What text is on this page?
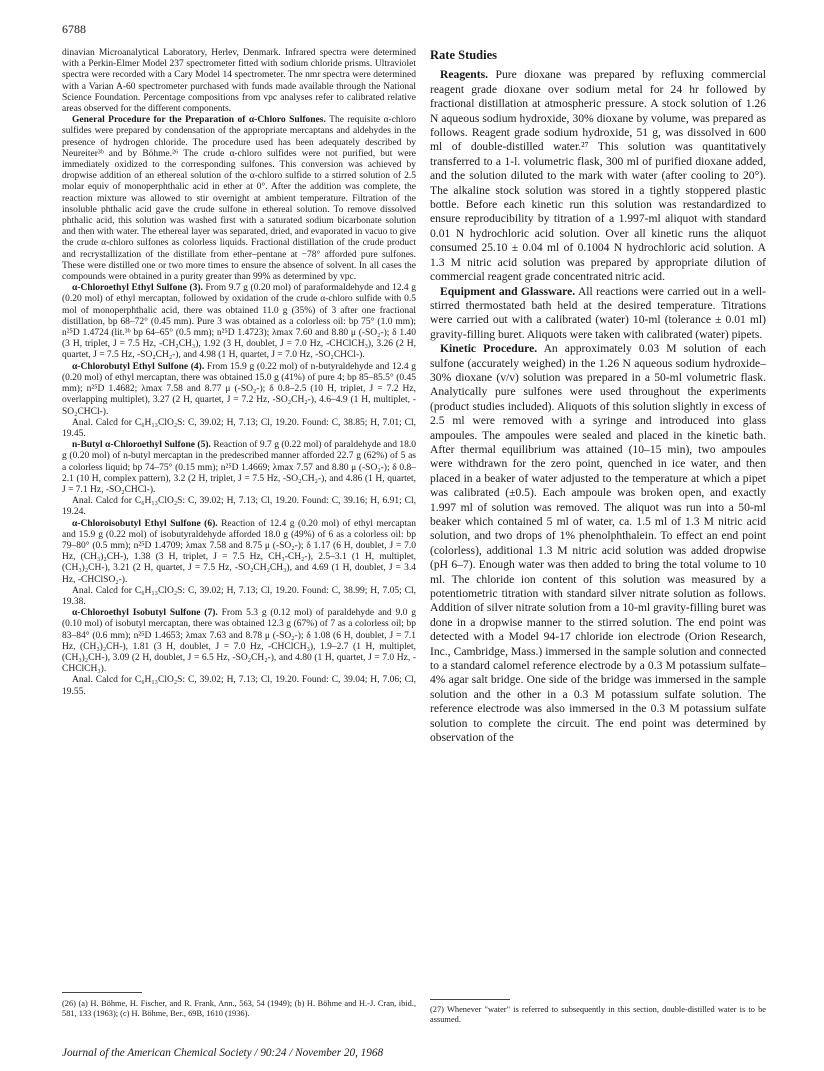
6788

dinavian Microanalytical Laboratory, Herlev, Denmark. Infrared spectra were determined with a Perkin-Elmer Model 237 spectrometer fitted with sodium chloride prisms. Ultraviolet spectra were recorded with a Cary Model 14 spectrometer. The nmr spectra were determined with a Varian A-60 spectrometer purchased with funds made available through the National Science Foundation. Percentage compositions from vpc analyses refer to calibrated relative areas observed for the different components.

General Procedure for the Preparation of α-Chloro Sulfones. The requisite α-chloro sulfides were prepared by condensation of the appropriate mercaptans and aldehydes in the presence of hydrogen chloride. The procedure used has been adequately described by Neureiter³ᵇ and by Böhme.²⁶ The crude α-chloro sulfides were not purified, but were immediately oxidized to the corresponding sulfones. This conversion was achieved by dropwise addition of an ethereal solution of the α-chloro sulfide to a stirred solution of 2.5 molar equiv of monoperphthalic acid in ether at 0°. After the addition was complete, the reaction mixture was allowed to stir overnight at ambient temperature. Filtration of the insoluble phthalic acid gave the crude sulfone in ethereal solution. To remove dissolved phthalic acid, this solution was washed first with a saturated sodium bicarbonate solution and then with water. The ethereal layer was separated, dried, and evaporated in vacuo to give the crude α-chloro sulfones as colorless liquids. Fractional distillation of the crude product and recrystallization of the distillate from ether–pentane at −78° afforded pure sulfones. These were distilled one or two more times to ensure the absence of solvent. In all cases the compounds were obtained in a purity greater than 99% as determined by vpc.

α-Chloroethyl Ethyl Sulfone (3). From 9.7 g (0.20 mol) of paraformaldehyde and 12.4 g (0.20 mol) of ethyl mercaptan, followed by oxidation of the crude α-chloro sulfide with 0.5 mol of monoperphthalic acid, there was obtained 11.0 g (35%) of 3 after one fractional distillation, bp 68–72° (0.45 mm). Pure 3 was obtained as a colorless oil: bp 75° (1.0 mm); n²⁵D 1.4724 (lit.³ᵇ bp 64–65° (0.5 mm); n²⁵D 1.4723); λmax 7.60 and 8.80 μ (-SO₂-); δ 1.40 (3 H, triplet, J = 7.5 Hz, -CH₂CH₃), 1.92 (3 H, doublet, J = 7.0 Hz, -CHClCH₃), 3.26 (2 H, quartet, J = 7.5 Hz, -SO₂CH₂-), and 4.98 (1 H, quartet, J = 7.0 Hz, -SO₂CHCl-).

α-Chlorobutyl Ethyl Sulfone (4). From 15.9 g (0.22 mol) of n-butyraldehyde and 12.4 g (0.20 mol) of ethyl mercaptan, there was obtained 15.0 g (41%) of pure 4; bp 85–85.5° (0.45 mm); n²⁵D 1.4682; λmax 7.58 and 8.77 μ (-SO₂-); δ 0.8–2.5 (10 H, triplet, J = 7.2 Hz, overlapping multiplet), 3.27 (2 H, quartet, J = 7.2 Hz, -SO₂CH₂-), 4.6–4.9 (1 H, multiplet, -SO₂CHCl-).

Anal. Calcd for C₆H₁₃ClO₂S: C, 39.02; H, 7.13; Cl, 19.20. Found: C, 38.85; H, 7.01; Cl, 19.45.

n-Butyl α-Chloroethyl Sulfone (5). Reaction of 9.7 g (0.22 mol) of paraldehyde and 18.0 g (0.20 mol) of n-butyl mercaptan in the predescribed manner afforded 22.7 g (62%) of 5 as a colorless liquid; bp 74–75° (0.15 mm); n²⁵D 1.4669; λmax 7.57 and 8.80 μ (-SO₂-); δ 0.8–2.1 (10 H, complex pattern), 3.2 (2 H, triplet, J = 7.5 Hz, -SO₂CH₂-), and 4.86 (1 H, quartet, J = 7.1 Hz, -SO₂CHCl-).

Anal. Calcd for C₆H₁₃ClO₂S: C, 39.02; H, 7.13; Cl, 19.20. Found: C, 39.16; H, 6.91; Cl, 19.24.

α-Chloroisobutyl Ethyl Sulfone (6). Reaction of 12.4 g (0.20 mol) of ethyl mercaptan and 15.9 g (0.22 mol) of isobutyraldehyde afforded 18.0 g (49%) of 6 as a colorless oil: bp 79–80° (0.5 mm); n²⁵D 1.4709; λmax 7.58 and 8.75 μ (-SO₂-); δ 1.17 (6 H, doublet, J = 7.0 Hz, (CH₃)₂CH-), 1.38 (3 H, triplet, J = 7.5 Hz, CH₃-CH₂-), 2.5–3.1 (1 H, multiplet, (CH₃)₂CH-), 3.21 (2 H, quartet, J = 7.5 Hz, -SO₂CH₂CH₃), and 4.69 (1 H, doublet, J = 3.4 Hz, -CHClSO₂-).

Anal. Calcd for C₆H₁₃ClO₂S: C, 39.02; H, 7.13; Cl, 19.20. Found: C, 38.99; H, 7.05; Cl, 19.38.

α-Chloroethyl Isobutyl Sulfone (7). From 5.3 g (0.12 mol) of paraldehyde and 9.0 g (0.10 mol) of isobutyl mercaptan, there was obtained 12.3 g (67%) of 7 as a colorless oil; bp 83–84° (0.6 mm); n²⁵D 1.4653; λmax 7.63 and 8.78 μ (-SO₂-); δ 1.08 (6 H, doublet, J = 7.1 Hz, (CH₃)₂CH-), 1.81 (3 H, doublet, J = 7.0 Hz, -CHClCH₃), 1.9–2.7 (1 H, multiplet, (CH₃)₂CH-), 3.09 (2 H, doublet, J = 6.5 Hz, -SO₂CH₂-), and 4.80 (1 H, quartet, J = 7.0 Hz, -CHClCH₃).

Anal. Calcd for C₆H₁₃ClO₂S: C, 39.02; H, 7.13; Cl, 19.20. Found: C, 39.04; H, 7.06; Cl, 19.55.

Rate Studies

Reagents. Pure dioxane was prepared by refluxing commercial reagent grade dioxane over sodium metal for 24 hr followed by fractional distillation at atmospheric pressure. A stock solution of 1.26 N aqueous sodium hydroxide, 30% dioxane by volume, was prepared as follows. Reagent grade sodium hydroxide, 51 g, was dissolved in 600 ml of double-distilled water.²⁷ This solution was quantitatively transferred to a 1-l. volumetric flask, 300 ml of purified dioxane added, and the solution diluted to the mark with water (after cooling to 20°). The alkaline stock solution was stored in a tightly stoppered plastic bottle. Before each kinetic run this solution was restandardized to ensure reproducibility by titration of a 1.997-ml aliquot with standard 0.01 N hydrochloric acid solution. Over all kinetic runs the aliquot consumed 25.10 ± 0.04 ml of 0.1004 N hydrochloric acid solution. A 1.3 M nitric acid solution was prepared by appropriate dilution of commercial reagent grade concentrated nitric acid.

Equipment and Glassware. All reactions were carried out in a well-stirred thermostated bath held at the desired temperature. Titrations were carried out with a calibrated (water) 10-ml (tolerance ± 0.01 ml) gravity-filling buret. Aliquots were taken with calibrated (water) pipets.

Kinetic Procedure. An approximately 0.03 M solution of each sulfone (accurately weighed) in the 1.26 N aqueous sodium hydroxide–30% dioxane (v/v) solution was prepared in a 50-ml volumetric flask. Analytically pure sulfones were used throughout the experiments (product studies included). Aliquots of this solution slightly in excess of 2.5 ml were removed with a syringe and introduced into glass ampoules. The ampoules were sealed and placed in the kinetic bath. After thermal equilibrium was attained (10–15 min), two ampoules were withdrawn for the zero point, quenched in ice water, and then placed in a beaker of water adjusted to the temperature at which a pipet was calibrated (±0.5). Each ampoule was broken open, and exactly 1.997 ml of solution was removed. The aliquot was run into a 50-ml beaker which contained 5 ml of water, ca. 1.5 ml of 1.3 M nitric acid solution, and two drops of 1% phenolphthalein. To effect an end point (colorless), additional 1.3 M nitric acid solution was added dropwise (pH 6–7). Enough water was then added to bring the total volume to 10 ml. The chloride ion content of this solution was measured by a potentiometric titration with standard silver nitrate solution as follows. Addition of silver nitrate solution from a 10-ml gravity-filling buret was done in a dropwise manner to the stirred solution. The end point was detected with a Model 94-17 chloride ion electrode (Orion Research, Inc., Cambridge, Mass.) immersed in the sample solution and connected to a standard calomel reference electrode by a 0.3 M potassium sulfate–4% agar salt bridge. One side of the bridge was immersed in the sample solution and the other in a 0.3 M potassium sulfate solution. The reference electrode was also immersed in the 0.3 M potassium sulfate solution to complete the circuit. The end point was determined by observation of the

(26) (a) H. Böhme, H. Fischer, and R. Frank, Ann., 563, 54 (1949); (b) H. Böhme and H.-J. Cran, ibid., 581, 133 (1963); (c) H. Böhme, Ber., 69B, 1610 (1936).	(27) Whenever "water" is referred to subsequently in this section, double-distilled water is to be assumed.
Journal of the American Chemical Society / 90:24 / November 20, 1968
